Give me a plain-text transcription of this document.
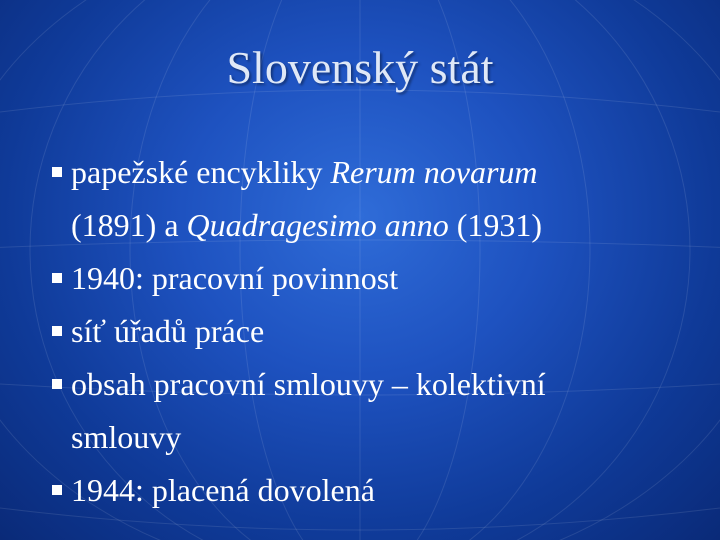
Slovenský stát
papežské encykliky Rerum novarum
(1891) a Quadragesimo anno (1931)
1940: pracovní povinnost
síť úřadů práce
obsah pracovní smlouvy – kolektivní
smlouvy
1944: placená dovolená
